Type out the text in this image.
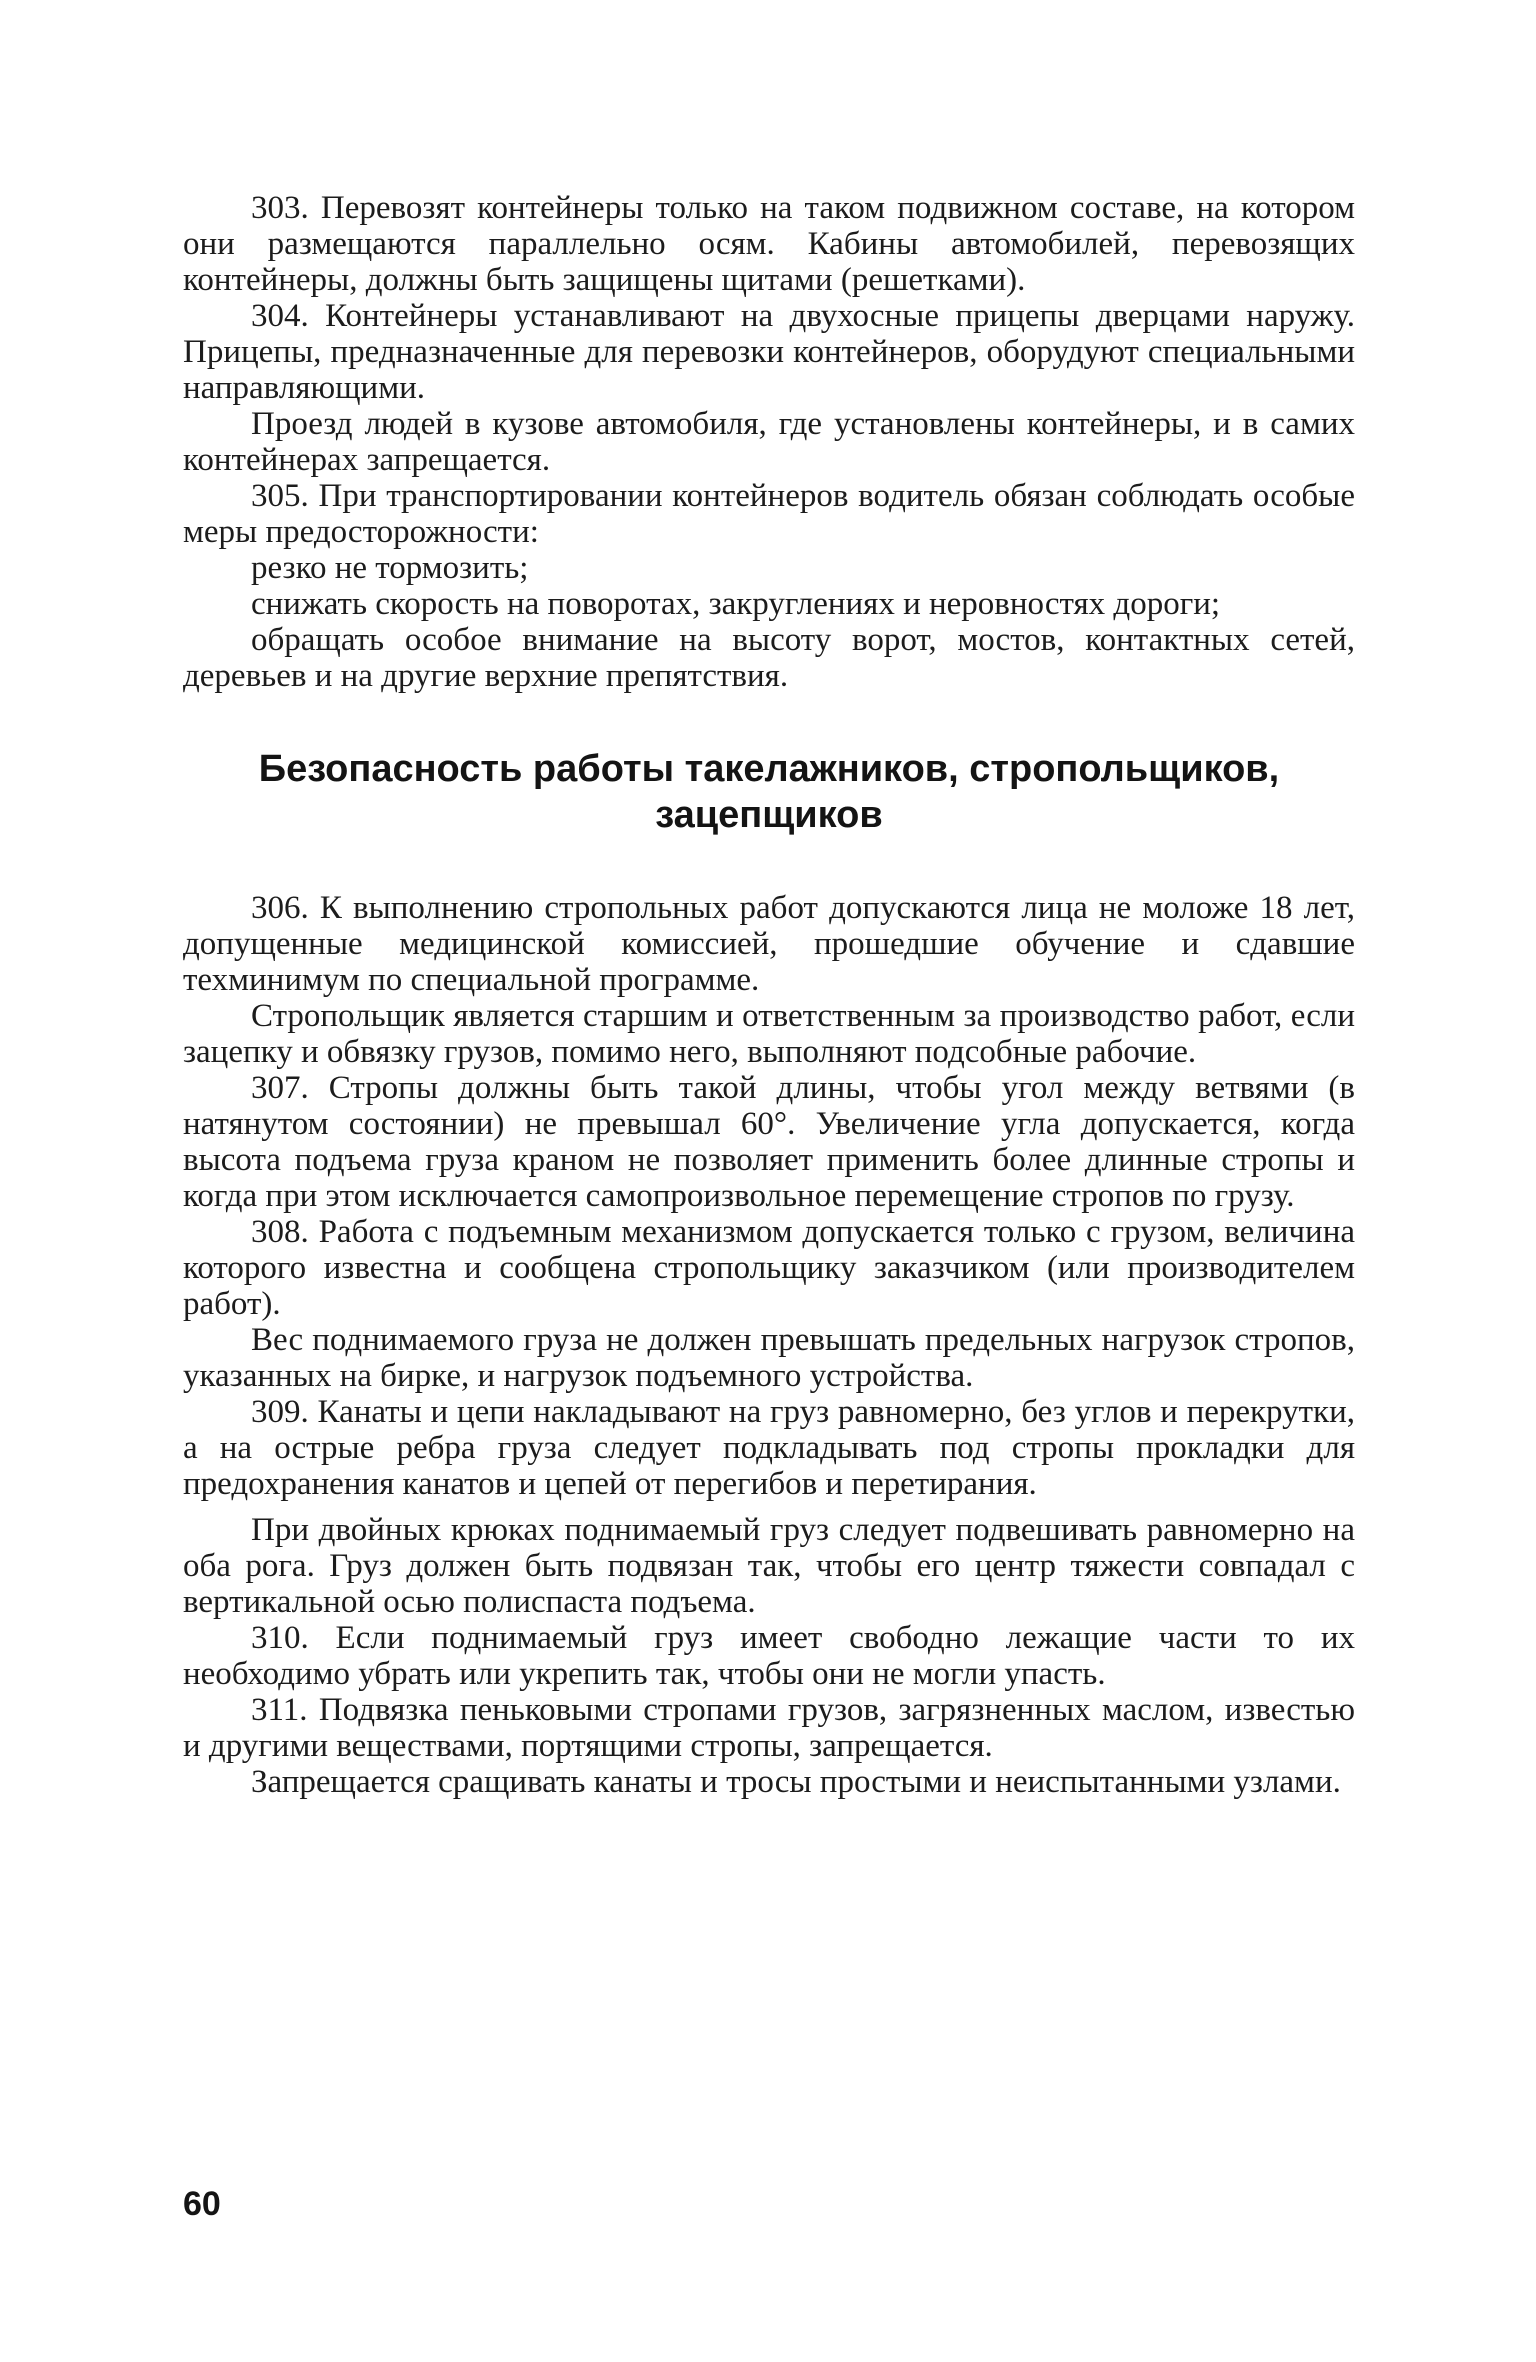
303. Перевозят контейнеры только на таком подвижном составе, на котором они размещаются параллельно осям. Кабины автомобилей, перевозящих контейнеры, должны быть защищены щитами (решетками).

304. Контейнеры устанавливают на двухосные прицепы дверцами наружу. Прицепы, предназначенные для перевозки контейнеров, оборудуют специальными направляющими.

Проезд людей в кузове автомобиля, где установлены контейнеры, и в самих контейнерах запрещается.

305. При транспортировании контейнеров водитель обязан соблюдать особые меры предосторожности:

резко не тормозить;

снижать скорость на поворотах, закруглениях и неровностях дороги;

обращать особое внимание на высоту ворот, мостов, контактных сетей, деревьев и на другие верхние препятствия.

Безопасность работы такелажников, стропольщиков, зацепщиков

306. К выполнению стропольных работ допускаются лица не моложе 18 лет, допущенные медицинской комиссией, прошедшие обучение и сдавшие техминимум по специальной программе.

Стропольщик является старшим и ответственным за производство работ, если зацепку и обвязку грузов, помимо него, выполняют подсобные рабочие.

307. Стропы должны быть такой длины, чтобы угол между ветвями (в натянутом состоянии) не превышал 60°. Увеличение угла допускается, когда высота подъема груза краном не позволяет применить более длинные стропы и когда при этом исключается самопроизвольное перемещение стропов по грузу.

308. Работа с подъемным механизмом допускается только с грузом, величина которого известна и сообщена стропольщику заказчиком (или производителем работ).

Вес поднимаемого груза не должен превышать предельных нагрузок стропов, указанных на бирке, и нагрузок подъемного устройства.

309. Канаты и цепи накладывают на груз равномерно, без углов и перекрутки, а на острые ребра груза следует подкладывать под стропы прокладки для предохранения канатов и цепей от перегибов и перетирания.

При двойных крюках поднимаемый груз следует подвешивать равномерно на оба рога. Груз должен быть подвязан так, чтобы его центр тяжести совпадал с вертикальной осью полиспаста подъема.

310. Если поднимаемый груз имеет свободно лежащие части то их необходимо убрать или укрепить так, чтобы они не могли упасть.

311. Подвязка пеньковыми стропами грузов, загрязненных маслом, известью и другими веществами, портящими стропы, запрещается.

Запрещается сращивать канаты и тросы простыми и неиспытанными узлами.

60
